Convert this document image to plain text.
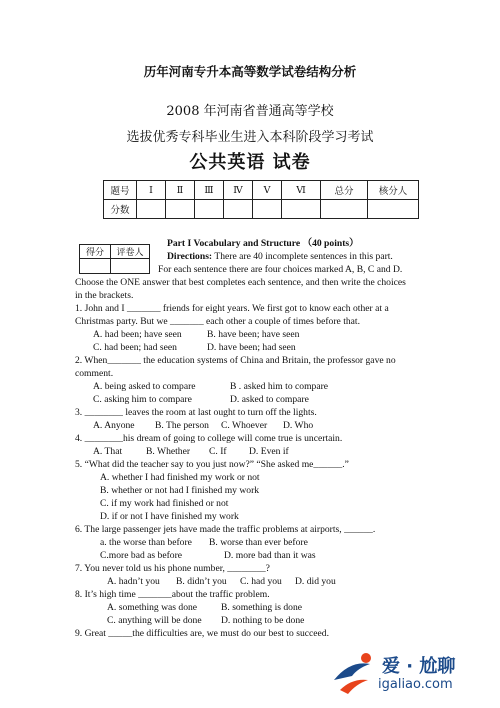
历年河南专升本高等数学试卷结构分析
2008 年河南省普通高等学校
选拔优秀专科毕业生进入本科阶段学习考试
公共英语 试卷
题号	Ⅰ	Ⅱ	Ⅲ	Ⅳ	Ⅴ	Ⅵ	总分	核分人
分数								
得分	评卷人

Part I Vocabulary and Structure （40 points）
Directions: There are 40 incomplete sentences in this part.
For each sentence there are four choices marked A, B, C and D.
Choose the ONE answer that best completes each sentence, and then write the choices
in the brackets.
1. John and I _______ friends for eight years. We first got to know each other at a
Christmas party. But we _______ each other a couple of times before that.
A. had been; have seen	B. have been; have seen
C. had been; had seen	D. have been; had seen
2. When_______ the education systems of China and Britain, the professor gave no
comment.
A. being asked to compare	B . asked him to compare
C. asking him to compare	D. asked to compare
3. ________ leaves the room at last ought to turn off the lights.
A. Anyone B. The person C. Whoever D. Who
4. ________his dream of going to college will come true is uncertain.
A. That B. Whether C. If D. Even if
5. “What did the teacher say to you just now?” “She asked me______.”
A. whether I had finished my work or not
B. whether or not had I finished my work
C. if my work had finished or not
D. if or not I have finished my work
6. The large passenger jets have made the traffic problems at airports, ______.
a. the worse than before B. worse than ever before
C.more bad as before	D. more bad than it was
7. You never told us his phone number, ________?
A. hadn’t you B. didn’t you C. had you D. did you
8. It’s high time _______about the traffic problem.
A. something was done B. something is done
C. anything will be done D. nothing to be done
9. Great _____the difficulties are, we must do our best to succeed.
爱 · 尬聊
igaliao.com
